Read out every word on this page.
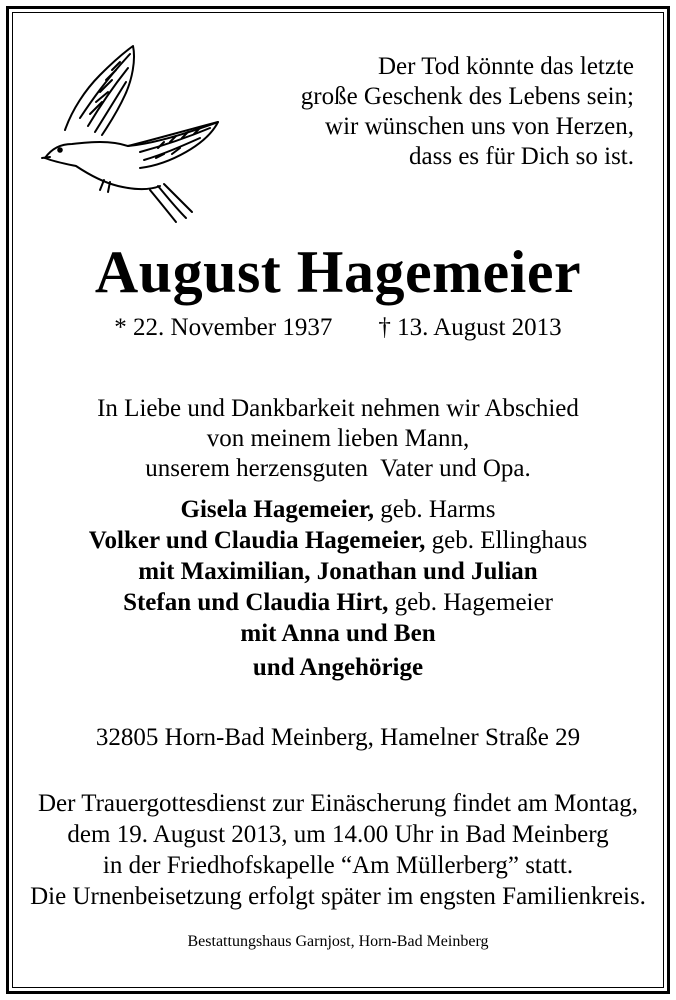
Der Tod könnte das letzte
große Geschenk des Lebens sein;
wir wünschen uns von Herzen,
dass es für Dich so ist.
August Hagemeier
* 22. November 1937 † 13. August 2013
In Liebe und Dankbarkeit nehmen wir Abschied
von meinem lieben Mann,
unserem herzensguten  Vater und Opa.
Gisela Hagemeier, geb. Harms
Volker und Claudia Hagemeier, geb. Ellinghaus
mit Maximilian, Jonathan und Julian
Stefan und Claudia Hirt, geb. Hagemeier
mit Anna und Ben
und Angehörige
32805 Horn-Bad Meinberg, Hamelner Straße 29
Der Trauergottesdienst zur Einäscherung findet am Montag,
dem 19. August 2013, um 14.00 Uhr in Bad Meinberg
in der Friedhofskapelle “Am Müllerberg” statt.
Die Urnenbeisetzung erfolgt später im engsten Familienkreis.
Bestattungshaus Garnjost, Horn-Bad Meinberg
